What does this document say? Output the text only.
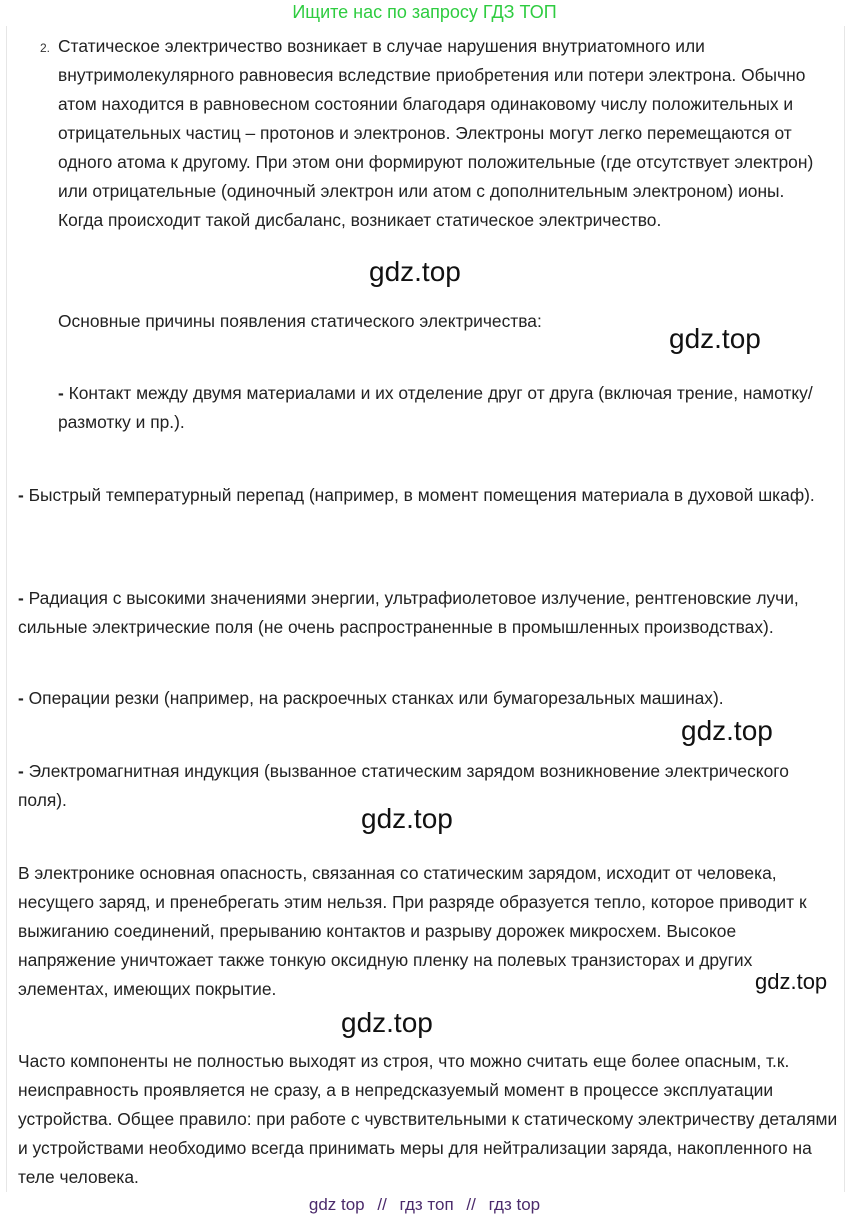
Ищите нас по запросу ГДЗ ТОП
2. Статическое электричество возникает в случае нарушения внутриатомного или внутримолекулярного равновесия вследствие приобретения или потери электрона. Обычно атом находится в равновесном состоянии благодаря одинаковому числу положительных и отрицательных частиц – протонов и электронов. Электроны могут легко перемещаются от одного атома к другому. При этом они формируют положительные (где отсутствует электрон) или отрицательные (одиночный электрон или атом с дополнительным электроном) ионы. Когда происходит такой дисбаланс, возникает статическое электричество.

gdz.top

Основные причины появления статического электричества:

gdz.top

- Контакт между двумя материалами и их отделение друг от друга (включая трение, намотку/размотку и пр.).

- Быстрый температурный перепад (например, в момент помещения материала в духовой шкаф).

- Радиация с высокими значениями энергии, ультрафиолетовое излучение, рентгеновские лучи, сильные электрические поля (не очень распространенные в промышленных производствах).

- Операции резки (например, на раскроечных станках или бумагорезальных машинах).

gdz.top

- Электромагнитная индукция (вызванное статическим зарядом возникновение электрического поля).

gdz.top

В электронике основная опасность, связанная со статическим зарядом, исходит от человека, несущего заряд, и пренебрегать этим нельзя. При разряде образуется тепло, которое приводит к выжиганию соединений, прерыванию контактов и разрыву дорожек микросхем. Высокое напряжение уничтожает также тонкую оксидную пленку на полевых транзисторах и других элементах, имеющих покрытие.	gdz.top
gdz.top

Часто компоненты не полностью выходят из строя, что можно считать еще более опасным, т.к. неисправность проявляется не сразу, а в непредсказуемый момент в процессе эксплуатации устройства. Общее правило: при работе с чувствительными к статическому электричеству деталями и устройствами необходимо всегда принимать меры для нейтрализации заряда, накопленного на теле человека.

gdz top // гдз топ // гдз top
